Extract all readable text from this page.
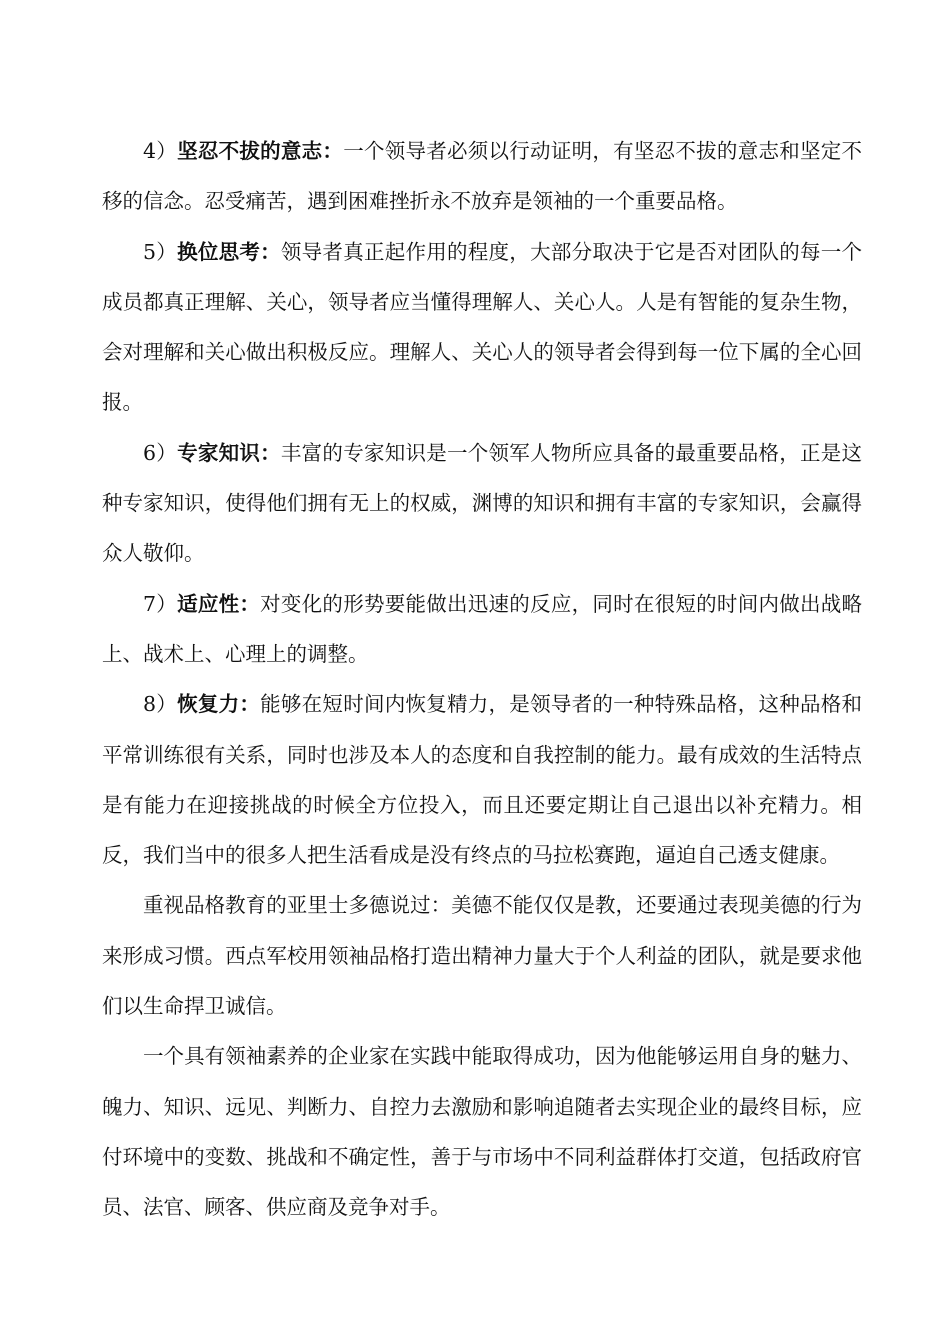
4）坚忍不拔的意志：一个领导者必须以行动证明，有坚忍不拔的意志和坚定不移的信念。忍受痛苦，遇到困难挫折永不放弃是领袖的一个重要品格。

5）换位思考：领导者真正起作用的程度，大部分取决于它是否对团队的每一个成员都真正理解、关心，领导者应当懂得理解人、关心人。人是有智能的复杂生物，会对理解和关心做出积极反应。理解人、关心人的领导者会得到每一位下属的全心回报。

6）专家知识：丰富的专家知识是一个领军人物所应具备的最重要品格，正是这种专家知识，使得他们拥有无上的权威，渊博的知识和拥有丰富的专家知识，会赢得众人敬仰。

7）适应性：对变化的形势要能做出迅速的反应，同时在很短的时间内做出战略上、战术上、心理上的调整。

8）恢复力：能够在短时间内恢复精力，是领导者的一种特殊品格，这种品格和平常训练很有关系，同时也涉及本人的态度和自我控制的能力。最有成效的生活特点是有能力在迎接挑战的时候全方位投入，而且还要定期让自己退出以补充精力。相反，我们当中的很多人把生活看成是没有终点的马拉松赛跑，逼迫自己透支健康。

重视品格教育的亚里士多德说过：美德不能仅仅是教，还要通过表现美德的行为来形成习惯。西点军校用领袖品格打造出精神力量大于个人利益的团队，就是要求他们以生命捍卫诚信。

一个具有领袖素养的企业家在实践中能取得成功，因为他能够运用自身的魅力、魄力、知识、远见、判断力、自控力去激励和影响追随者去实现企业的最终目标，应付环境中的变数、挑战和不确定性，善于与市场中不同利益群体打交道，包括政府官员、法官、顾客、供应商及竞争对手。
